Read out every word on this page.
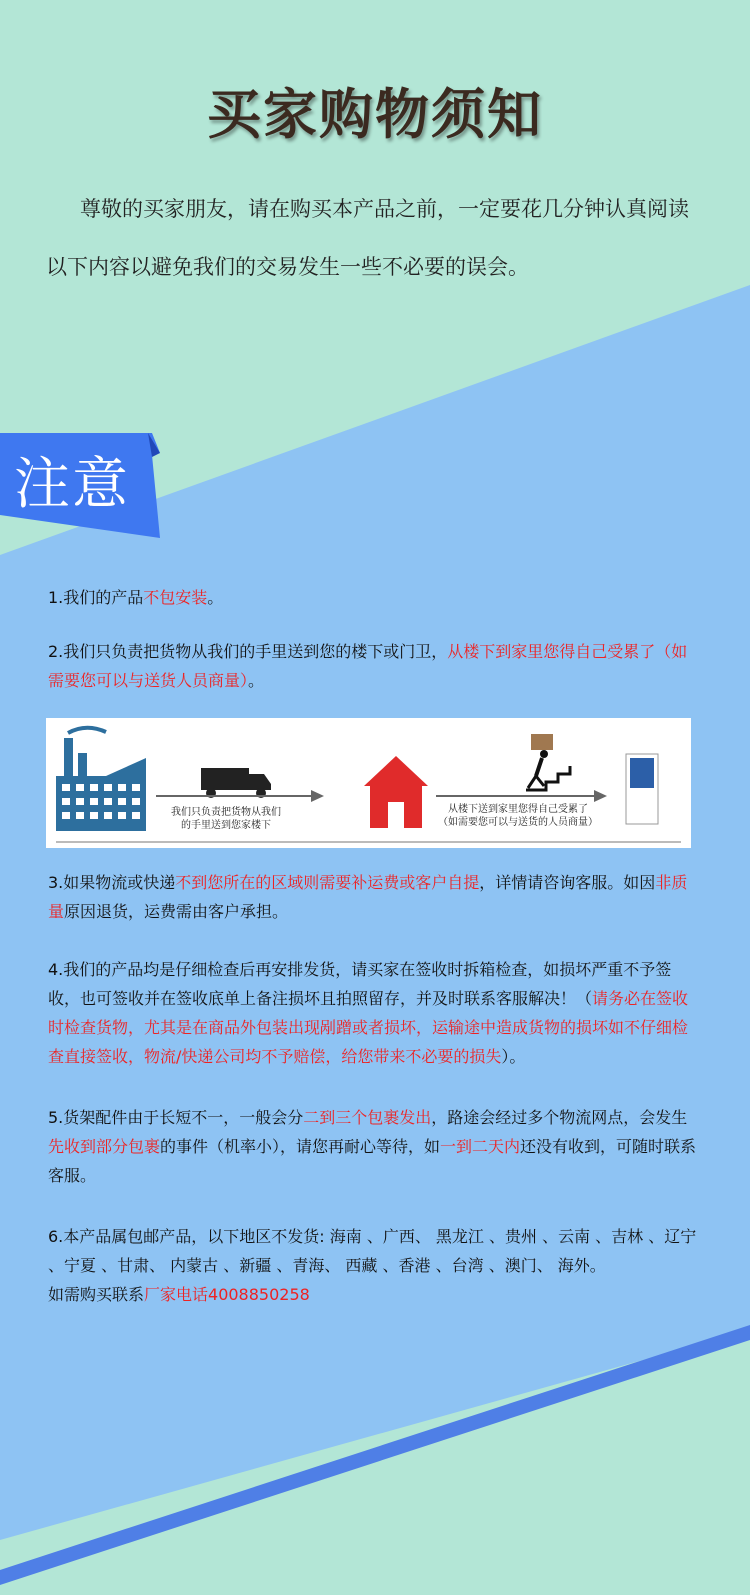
买家购物须知
尊敬的买家朋友，请在购买本产品之前，一定要花几分钟认真阅读以下内容以避免我们的交易发生一些不必要的误会。
注意
1.我们的产品不包安装。
2.我们只负责把货物从我们的手里送到您的楼下或门卫，从楼下到家里您得自己受累了（如需要您可以与送货人员商量）。
3.如果物流或快递不到您所在的区域则需要补运费或客户自提，详情请咨询客服。如因非质量原因退货，运费需由客户承担。
4.我们的产品均是仔细检查后再安排发货，请买家在签收时拆箱检查，如损坏严重不予签收，也可签收并在签收底单上备注损坏且拍照留存，并及时联系客服解决！（请务必在签收时检查货物，尤其是在商品外包装出现剐蹭或者损坏，运输途中造成货物的损坏如不仔细检查直接签收，物流/快递公司均不予赔偿，给您带来不必要的损失）。
5.货架配件由于长短不一，一般会分二到三个包裹发出，路途会经过多个物流网点，会发生先收到部分包裹的事件（机率小），请您再耐心等待，如一到二天内还没有收到，可随时联系客服。
6.本产品属包邮产品，以下地区不发货: 海南 、广西、 黑龙江 、贵州 、云南 、吉林 、辽宁 、宁夏 、甘肃、 内蒙古 、新疆 、青海、 西藏 、香港 、台湾 、澳门、 海外。
如需购买联系厂家电话4008850258
我们只负责把货物从我们
的手里送到您家楼下
从楼下送到家里您得自己受累了
（如需要您可以与送货的人员商量）
